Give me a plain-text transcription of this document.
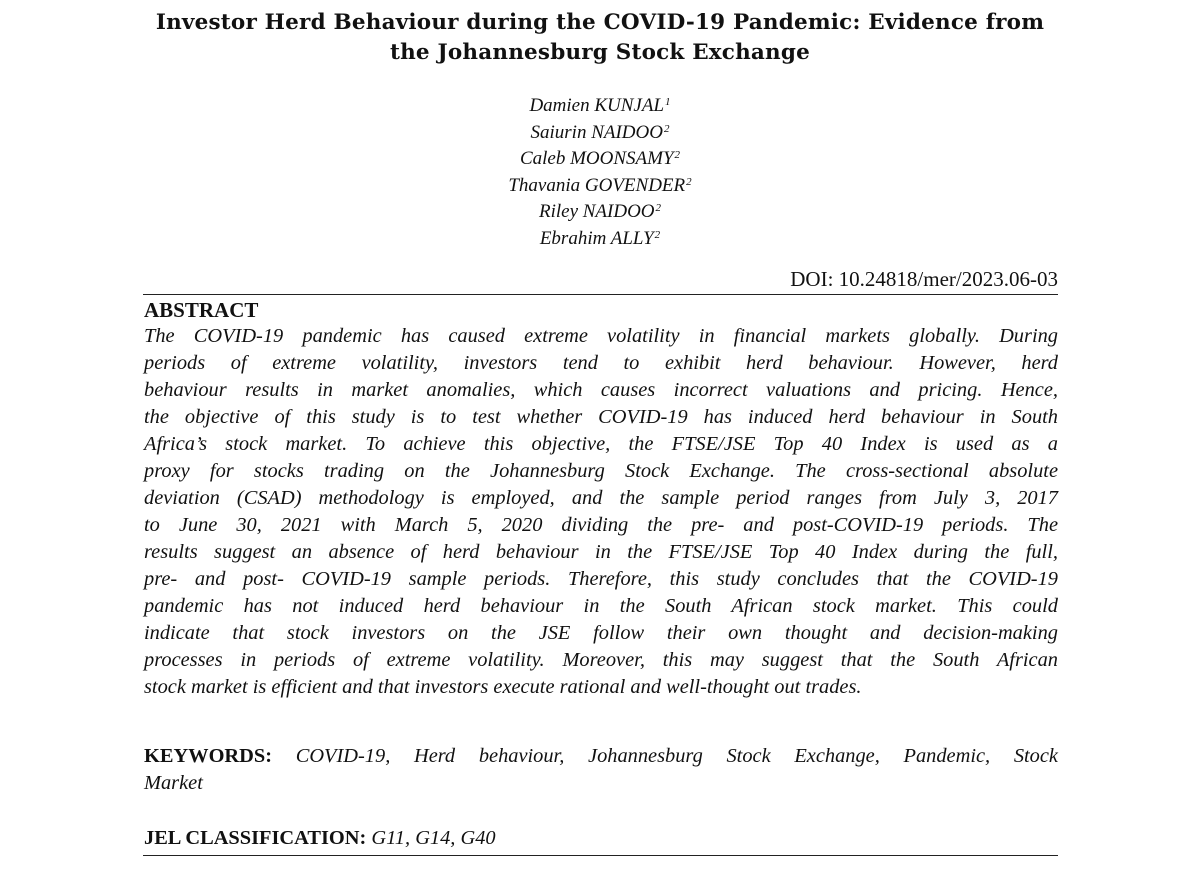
Investor Herd Behaviour during the COVID-19 Pandemic: Evidence from
the Johannesburg Stock Exchange
Damien KUNJAL$^1$
Saiurin NAIDOO$^2$
Caleb MOONSAMY$^2$
Thavania GOVENDER$^2$
Riley NAIDOO$^2$
Ebrahim ALLY$^2$
DOI: 10.24818/mer/2023.06-03
ABSTRACT
The COVID-19 pandemic has caused extreme volatility in financial markets globally. During
periods of extreme volatility, investors tend to exhibit herd behaviour. However, herd
behaviour results in market anomalies, which causes incorrect valuations and pricing. Hence,
the objective of this study is to test whether COVID-19 has induced herd behaviour in South
Africa’s stock market. To achieve this objective, the FTSE/JSE Top 40 Index is used as a
proxy for stocks trading on the Johannesburg Stock Exchange. The cross-sectional absolute
deviation (CSAD) methodology is employed, and the sample period ranges from July 3, 2017
to June 30, 2021 with March 5, 2020 dividing the pre- and post-COVID-19 periods. The
results suggest an absence of herd behaviour in the FTSE/JSE Top 40 Index during the full,
pre- and post- COVID-19 sample periods. Therefore, this study concludes that the COVID-19
pandemic has not induced herd behaviour in the South African stock market. This could
indicate that stock investors on the JSE follow their own thought and decision-making
processes in periods of extreme volatility. Moreover, this may suggest that the South African
stock market is efficient and that investors execute rational and well-thought out trades.
KEYWORDS: COVID-19, Herd behaviour, Johannesburg Stock Exchange, Pandemic, Stock
Market
JEL CLASSIFICATION: G11, G14, G40
